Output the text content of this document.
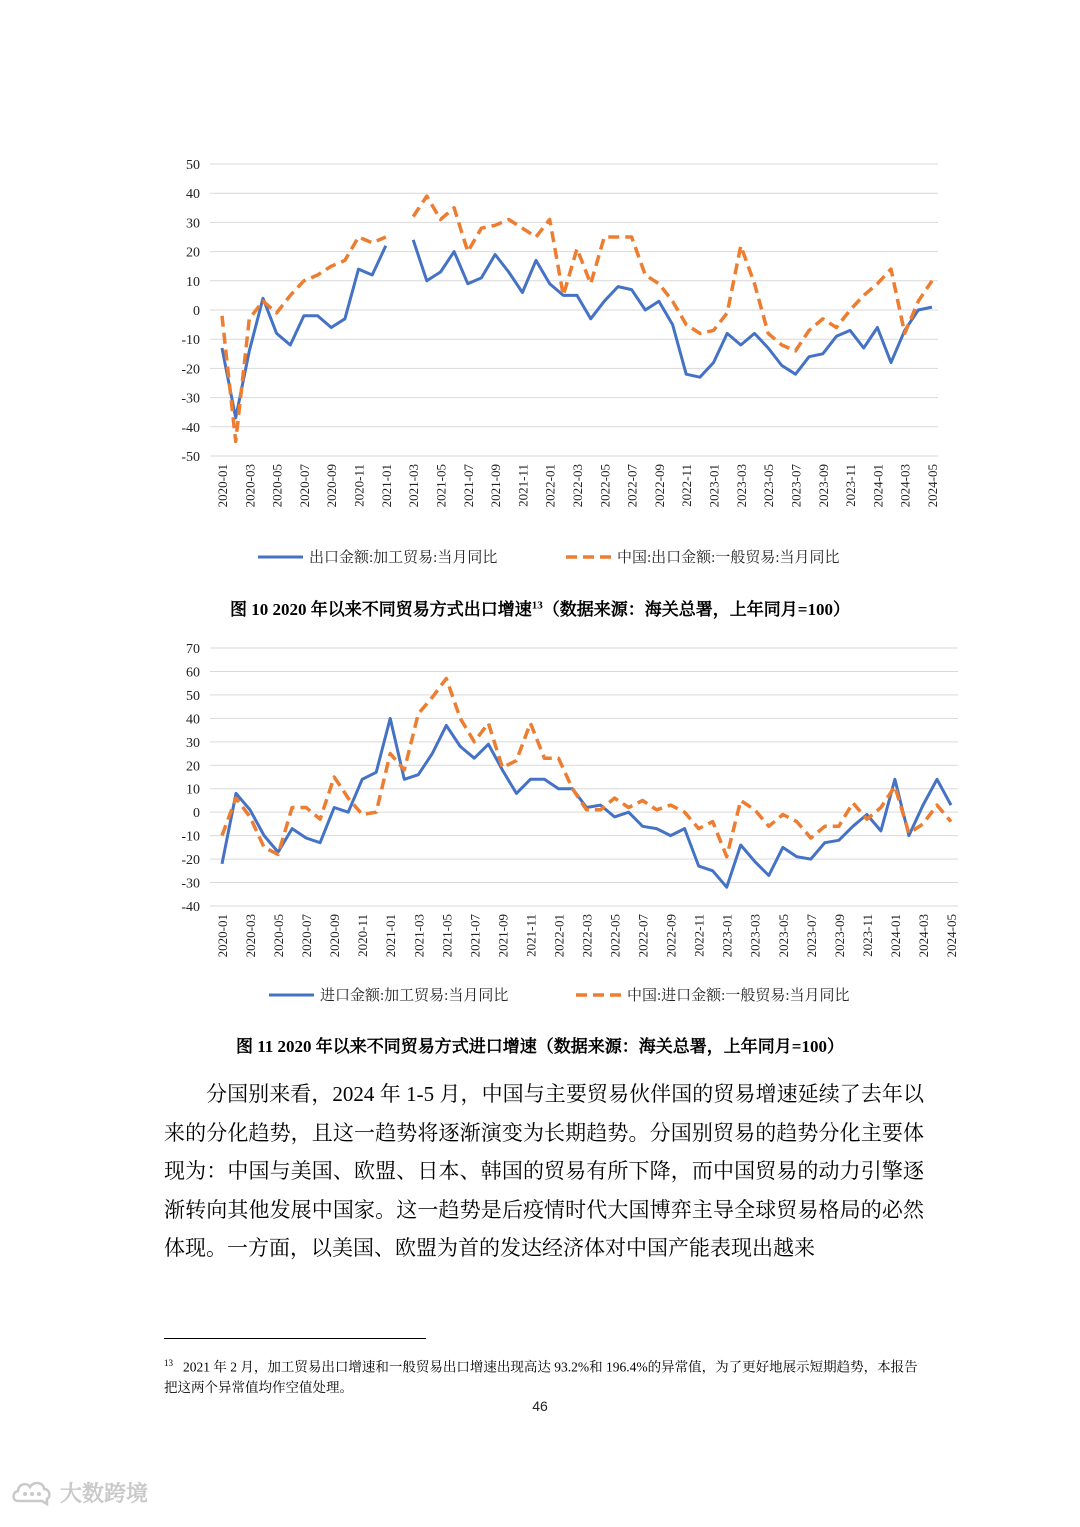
50
40
30
20
10
0
-10
-20
-30
-40
-50
2020-01 2020-03 2020-05 2020-07 2020-09 2020-11 2021-01 2021-03 2021-05 2021-07 2021-09 2021-11 2022-01 2022-03 2022-05 2022-07 2022-09 2022-11 2023-01 2023-03 2023-05 2023-07 2023-09 2023-11 2024-01 2024-03 2024-05
出口金额:加工贸易:当月同比	中国:出口金额:一般贸易:当月同比
图 10 2020 年以来不同贸易方式出口增速$^{13}$（数据来源：海关总署，上年同月=100）
70
60
50
40
30
20
10
0
-10
-20
-30
-40
2020-01 2020-03 2020-05 2020-07 2020-09 2020-11 2021-01 2021-03 2021-05 2021-07 2021-09 2021-11 2022-01 2022-03 2022-05 2022-07 2022-09 2022-11 2023-01 2023-03 2023-05 2023-07 2023-09 2023-11 2024-01 2024-03 2024-05
进口金额:加工贸易:当月同比	中国:进口金额:一般贸易:当月同比
图 11 2020 年以来不同贸易方式进口增速（数据来源：海关总署，上年同月=100）

分国别来看，2024 年 1-5 月，中国与主要贸易伙伴国的贸易增速延续了去年以来的分化趋势，且这一趋势将逐渐演变为长期趋势。分国别贸易的趋势分化主要体现为：中国与美国、欧盟、日本、韩国的贸易有所下降，而中国贸易的动力引擎逐渐转向其他发展中国家。这一趋势是后疫情时代大国博弈主导全球贸易格局的必然体现。一方面，以美国、欧盟为首的发达经济体对中国产能表现出越来

$^{13}$ 2021 年 2 月，加工贸易出口增速和一般贸易出口增速出现高达 93.2%和 196.4%的异常值，为了更好地展示短期趋势，本报告把这两个异常值均作空值处理。
46
大数跨境
